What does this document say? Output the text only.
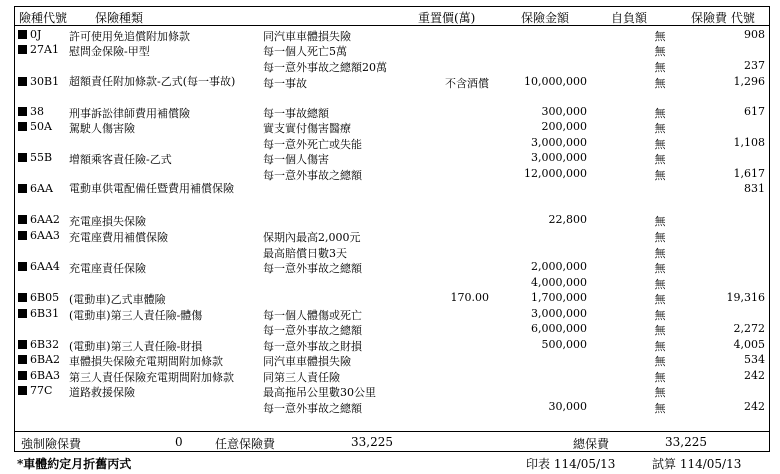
險種代號 保險種類	重置價(萬)	保險金額	自負額	保險費 代號
0J	許可使用免追償附加條款	同汽車車體損失險	無	908
27A1 慰問金保險-甲型	每一個人死亡5萬	無
每一意外事故之總額20萬	無	237
30B1 超額責任附加條款-乙式(每一事故)	每一事故	不含酒償	10,000,000	無	1,296
38 刑事訴訟律師費用補償險	每一事故總額	300,000	無	617
50A 駕駛人傷害險	實支實付傷害醫療	200,000	無
每一意外死亡或失能	3,000,000	無	1,108
55B 增額乘客責任險-乙式	每一個人傷害	3,000,000	無
每一意外事故之總額	12,000,000	無	1,617
6AA 電動車供電配備任暨費用補償保險	831
6AA2 充電座損失保險	22,800	無
6AA3 充電座費用補償保險	保期內最高2,000元	無
最高賠償日數3天	無
6AA4 充電座責任保險	每一意外事故之總額	2,000,000	無
4,000,000	無
6B05 (電動車)乙式車體險	170.00	1,700,000	無	19,316
6B31 (電動車)第三人責任險-體傷	每一個人體傷或死亡	3,000,000	無
每一意外事故之總額	6,000,000	無	2,272
6B32 (電動車)第三人責任險-財損	每一意外事故之財損	500,000	無	4,005
6BA2 車體損失保險充電期間附加條款	同汽車車體損失險	無	534
6BA3 第三人責任保險充電期間附加條款	同第三人責任險	無	242
77C 道路救援保險	最高拖吊公里數30公里	無
每一意外事故之總額	30,000	無	242
強制險保費	0	任意保險費	33,225	總保費	33,225
*車體約定月折舊丙式	印表 114/05/13	試算 114/05/13
